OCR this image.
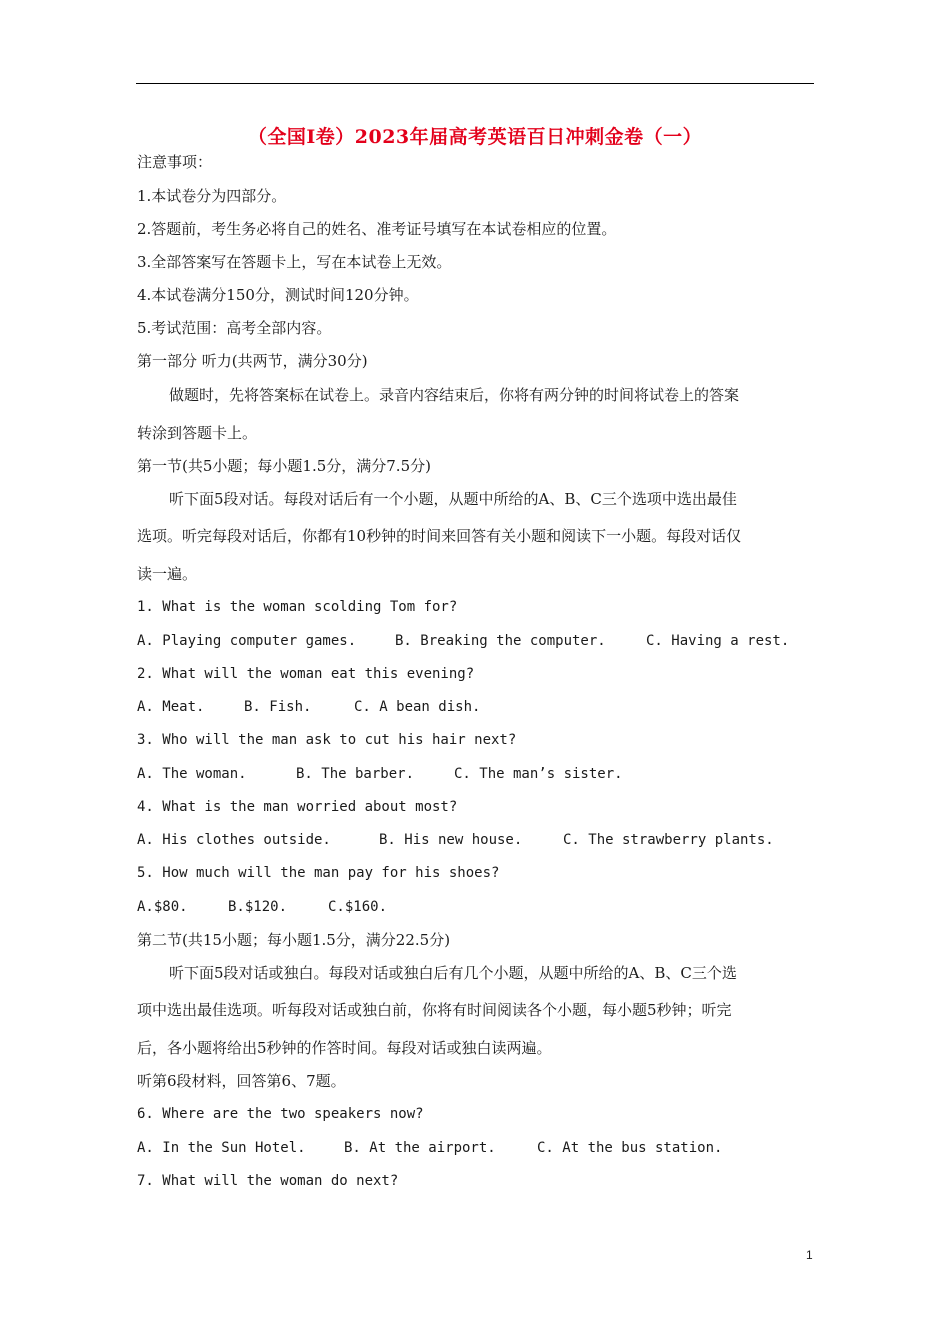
（全国Ⅰ卷）2023年届高考英语百日冲刺金卷（一）
注意事项：
1.本试卷分为四部分。
2.答题前，考生务必将自己的姓名、准考证号填写在本试卷相应的位置。
3.全部答案写在答题卡上，写在本试卷上无效。
4.本试卷满分150分，测试时间120分钟。
5.考试范围：高考全部内容。
第一部分 听力(共两节，满分30分)
做题时，先将答案标在试卷上。录音内容结束后，你将有两分钟的时间将试卷上的答案
转涂到答题卡上。
第一节(共5小题；每小题1.5分，满分7.5分)
听下面5段对话。每段对话后有一个小题，从题中所给的A、B、C三个选项中选出最佳
选项。听完每段对话后，你都有10秒钟的时间来回答有关小题和阅读下一小题。每段对话仅
读一遍。
1. What is the woman scolding Tom for?
A. Playing computer games.	B. Breaking the computer.	C. Having a rest.
2. What will the woman eat this evening?
A. Meat.	B. Fish.	C. A bean dish.
3. Who will the man ask to cut his hair next?
A. The woman.	B. The barber.	C. The man’s sister.
4. What is the man worried about most?
A. His clothes outside.	B. His new house.	C. The strawberry plants.
5. How much will the man pay for his shoes?
A.$80.	B.$120.	C.$160.
第二节(共15小题；每小题1.5分，满分22.5分)
听下面5段对话或独白。每段对话或独白后有几个小题，从题中所给的A、B、C三个选
项中选出最佳选项。听每段对话或独白前，你将有时间阅读各个小题，每小题5秒钟；听完
后，各小题将给出5秒钟的作答时间。每段对话或独白读两遍。
听第6段材料，回答第6、7题。
6. Where are the two speakers now?
A. In the Sun Hotel.	B. At the airport.	C. At the bus station.
7. What will the woman do next?
1
